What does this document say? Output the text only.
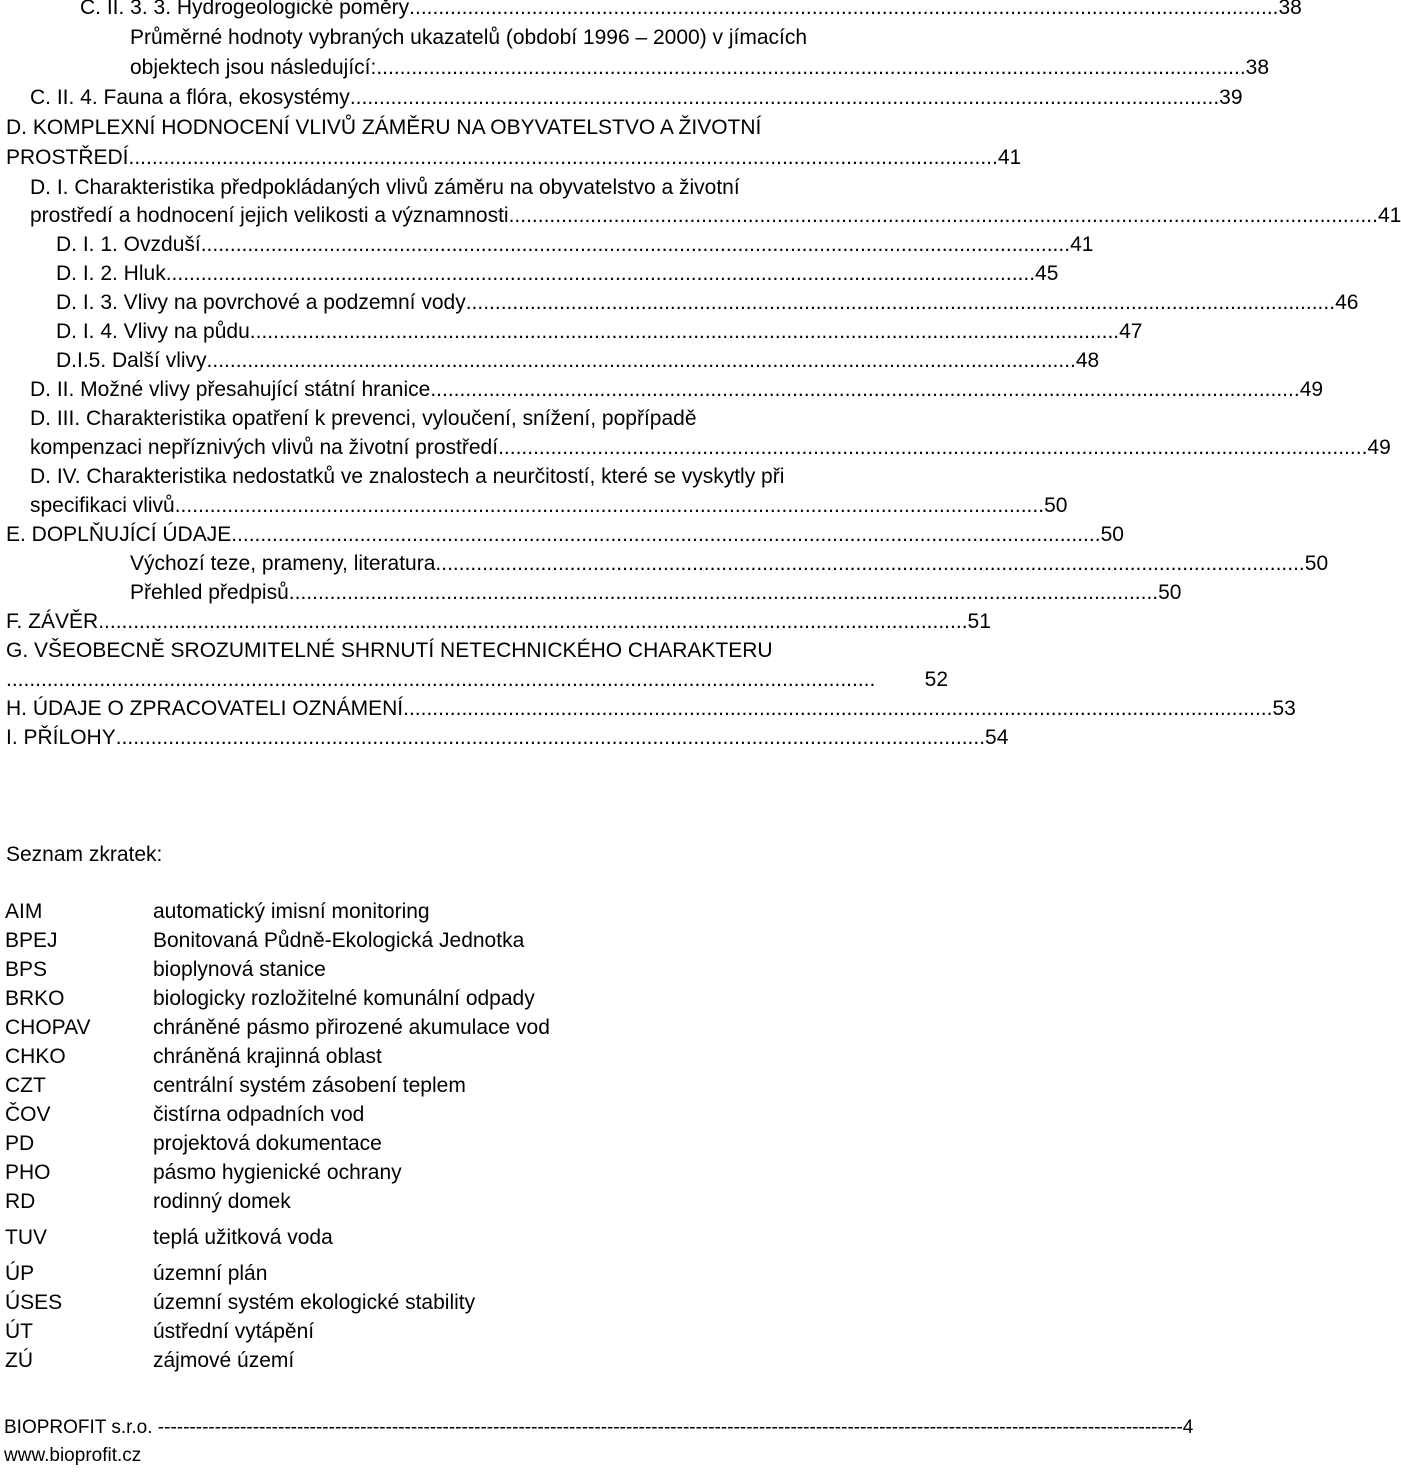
C. II. 3. 3. Hydrogeologické poměry ..................................................................................................................................................... 38
Průměrné hodnoty vybraných ukazatelů (období 1996 – 2000) v jímacích
objektech jsou následující: ..................................................................................................................................................... 38
C. II. 4. Fauna a flóra, ekosystémy ..................................................................................................................................................... 39
D. KOMPLEXNÍ HODNOCENÍ VLIVŮ ZÁMĚRU NA OBYVATELSTVO A ŽIVOTNÍ
PROSTŘEDÍ ..................................................................................................................................................... 41
D. I. Charakteristika předpokládaných vlivů záměru na obyvatelstvo a životní
prostředí a hodnocení jejich velikosti a významnosti ..................................................................................................................................................... 41
D. I. 1. Ovzduší ..................................................................................................................................................... 41
D. I. 2. Hluk ..................................................................................................................................................... 45
D. I. 3. Vlivy na povrchové a podzemní vody ..................................................................................................................................................... 46
D. I. 4. Vlivy na půdu ..................................................................................................................................................... 47
D.I.5. Další vlivy ..................................................................................................................................................... 48
D. II. Možné vlivy přesahující státní hranice ..................................................................................................................................................... 49
D. III. Charakteristika opatření k prevenci, vyloučení, snížení, popřípadě
kompenzaci nepříznivých vlivů na životní prostředí ..................................................................................................................................................... 49
D. IV. Charakteristika nedostatků ve znalostech a neurčitostí, které se vyskytly při
specifikaci vlivů ..................................................................................................................................................... 50
E. DOPLŇUJÍCÍ ÚDAJE ..................................................................................................................................................... 50
Výchozí teze, prameny, literatura ..................................................................................................................................................... 50
Přehled předpisů ..................................................................................................................................................... 50
F. ZÁVĚR ..................................................................................................................................................... 51
G. VŠEOBECNĚ SROZUMITELNÉ SHRNUTÍ NETECHNICKÉHO CHARAKTERU
.....................................................................................................................................................	52
H. ÚDAJE O ZPRACOVATELI OZNÁMENÍ ..................................................................................................................................................... 53
I. PŘÍLOHY ..................................................................................................................................................... 54
Seznam zkratek:
AIM	automatický imisní monitoring
BPEJ	Bonitovaná Půdně-Ekologická Jednotka
BPS	bioplynová stanice
BRKO	biologicky rozložitelné komunální odpady
CHOPAV	chráněné pásmo přirozené akumulace vod
CHKO	chráněná krajinná oblast
CZT	centrální systém zásobení teplem
ČOV	čistírna odpadních vod
PD	projektová dokumentace
PHO	pásmo hygienické ochrany
RD	rodinný domek
TUV	teplá užitková voda
ÚP	územní plán
ÚSES	územní systém ekologické stability
ÚT	ústřední vytápění
ZÚ	zájmové území
BIOPROFIT s.r.o. ------------------------------------------------------------------------------------------------------------------------------------------------------------------ 4
www.bioprofit.cz
